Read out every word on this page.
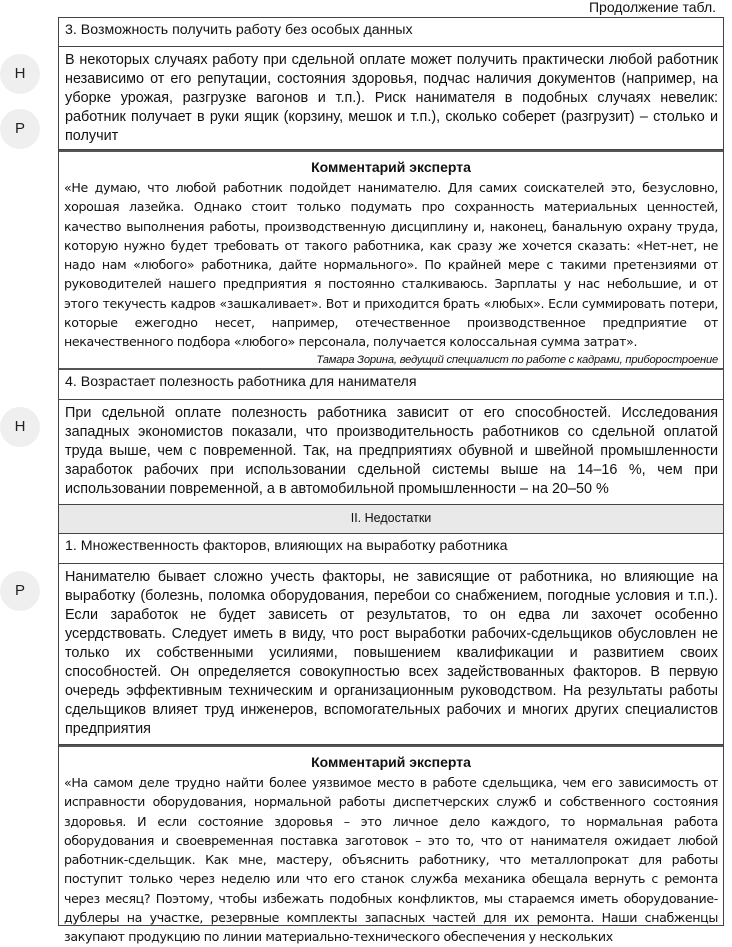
Продолжение табл.
Н
Р
Н
Р
3. Возможность получить работу без особых данных
В некоторых случаях работу при сдельной оплате может получить практически любой работник независимо от его репутации, состояния здоровья, подчас наличия документов (например, на уборке урожая, разгрузке вагонов и т.п.). Риск нанимателя в подобных случаях невелик: работник получает в руки ящик (корзину, мешок и т.п.), сколько соберет (разгрузит) – столько и получит
Комментарий эксперта
«Не думаю, что любой работник подойдет нанимателю. Для самих соискателей это, безусловно, хорошая лазейка. Однако стоит только подумать про сохранность материальных ценностей, качество выполнения работы, производственную дисциплину и, наконец, банальную охрану труда, которую нужно будет требовать от такого работника, как сразу же хочется сказать: «Нет-нет, не надо нам «любого» работника, дайте нормального». По крайней мере с такими претензиями от руководителей нашего предприятия я постоянно сталкиваюсь. Зарплаты у нас небольшие, и от этого текучесть кадров «зашкаливает». Вот и приходится брать «любых». Если суммировать потери, которые ежегодно несет, например, отечественное производственное предприятие от некачественного подбора «любого» персонала, получается колоссальная сумма затрат».
Тамара Зорина, ведущий специалист по работе с кадрами, приборостроение
4. Возрастает полезность работника для нанимателя
При сдельной оплате полезность работника зависит от его способностей. Исследования западных экономистов показали, что производительность работников со сдельной оплатой труда выше, чем с повременной. Так, на предприятиях обувной и швейной промышленности заработок рабочих при использовании сдельной системы выше на 14–16 %, чем при использовании повременной, а в автомобильной промышленности – на 20–50 %
II. Недостатки
1. Множественность факторов, влияющих на выработку работника
Нанимателю бывает сложно учесть факторы, не зависящие от работника, но влияющие на выработку (болезнь, поломка оборудования, перебои со снабжением, погодные условия и т.п.). Если заработок не будет зависеть от результатов, то он едва ли захочет особенно усердствовать. Следует иметь в виду, что рост выработки рабочих-сдельщиков обусловлен не только их собственными усилиями, повышением квалификации и развитием своих способностей. Он определяется совокупностью всех задействованных факторов. В первую очередь эффективным техническим и организационным руководством. На результаты работы сдельщиков влияет труд инженеров, вспомогательных рабочих и многих других специалистов предприятия
Комментарий эксперта
«На самом деле трудно найти более уязвимое место в работе сдельщика, чем его зависимость от исправности оборудования, нормальной работы диспетчерских служб и собственного состояния здоровья. И если состояние здоровья – это личное дело каждого, то нормальная работа оборудования и своевременная поставка заготовок – это то, что от нанимателя ожидает любой работник-сдельщик. Как мне, мастеру, объяснить работнику, что металлопрокат для работы поступит только через неделю или что его станок служба механика обещала вернуть с ремонта через месяц? Поэтому, чтобы избежать подобных конфликтов, мы стараемся иметь оборудование-дублеры на участке, резервные комплекты запасных частей для их ремонта. Наши снабженцы закупают продукцию по линии материально-технического обеспечения у нескольких
